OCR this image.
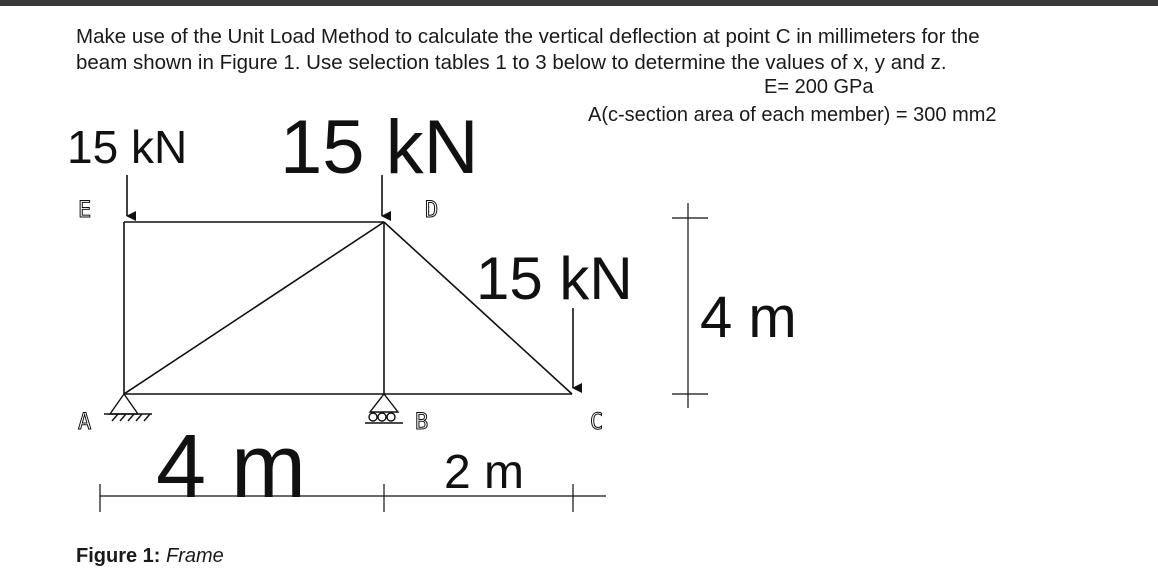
Make use of the Unit Load Method to calculate the vertical deflection at point C in millimeters for the
beam shown in Figure 1. Use selection tables 1 to 3 below to determine the values of x, y and z.

E= 200 GPa
A(c-section area of each member) = 300 mm2
15 kN 15 kN
15 kN
E	D
A	B	C
4 m	2 m
4 m
Figure 1: Frame
